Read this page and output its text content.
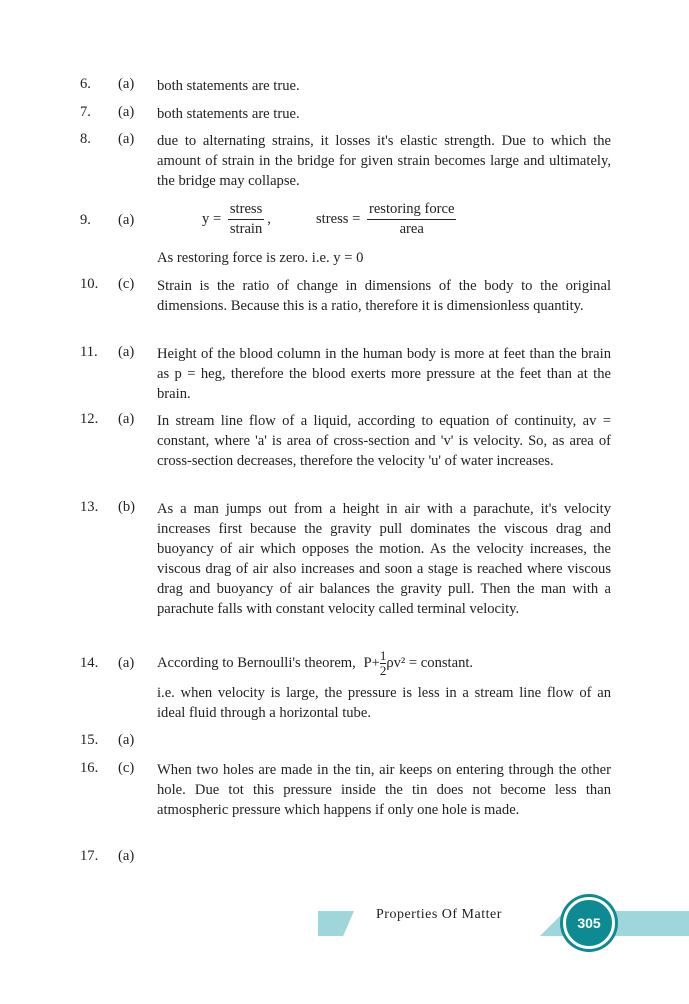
6. (a) both statements are true.
7. (a) both statements are true.
8. (a) due to alternating strains, it losses it's elastic strength. Due to which the amount of strain in the bridge for given strain becomes large and ultimately, the bridge may collapse.
9. (a)	$y = \frac{\text{stress}}{\text{strain}}$ ,	stress = $\frac{\text{restoring force}}{\text{area}}$
As restoring force is zero. i.e. y = 0
10. (c) Strain is the ratio of change in dimensions of the body to the original dimensions. Because this is a ratio, therefore it is dimensionless quantity.
11. (a) Height of the blood column in the human body is more at feet than the brain as p = heg, therefore the blood exerts more pressure at the feet than at the brain.
12. (a) In stream line flow of a liquid, according to equation of continuity, av = constant, where 'a' is area of cross-section and 'v' is velocity. So, as area of cross-section decreases, therefore the velocity 'u' of water increases.
13. (b) As a man jumps out from a height in air with a parachute, it's velocity increases first because the gravity pull dominates the viscous drag and buoyancy of air which opposes the motion. As the velocity increases, the viscous drag of air also increases and soon a stage is reached where viscous drag and buoyancy of air balances the gravity pull. Then the man with a parachute falls with constant velocity called terminal velocity.
14. (a) According to Bernoulli's theorem, $P+ \frac{1}{2} \rho v^2$ = constant.
i.e. when velocity is large, the pressure is less in a stream line flow of an ideal fluid through a horizontal tube.
15. (a)
16. (c) When two holes are made in the tin, air keeps on entering through the other hole. Due tot this pressure inside the tin does not become less than atmospheric pressure which happens if only one hole is made.
17. (a)
Properties Of Matter
305
